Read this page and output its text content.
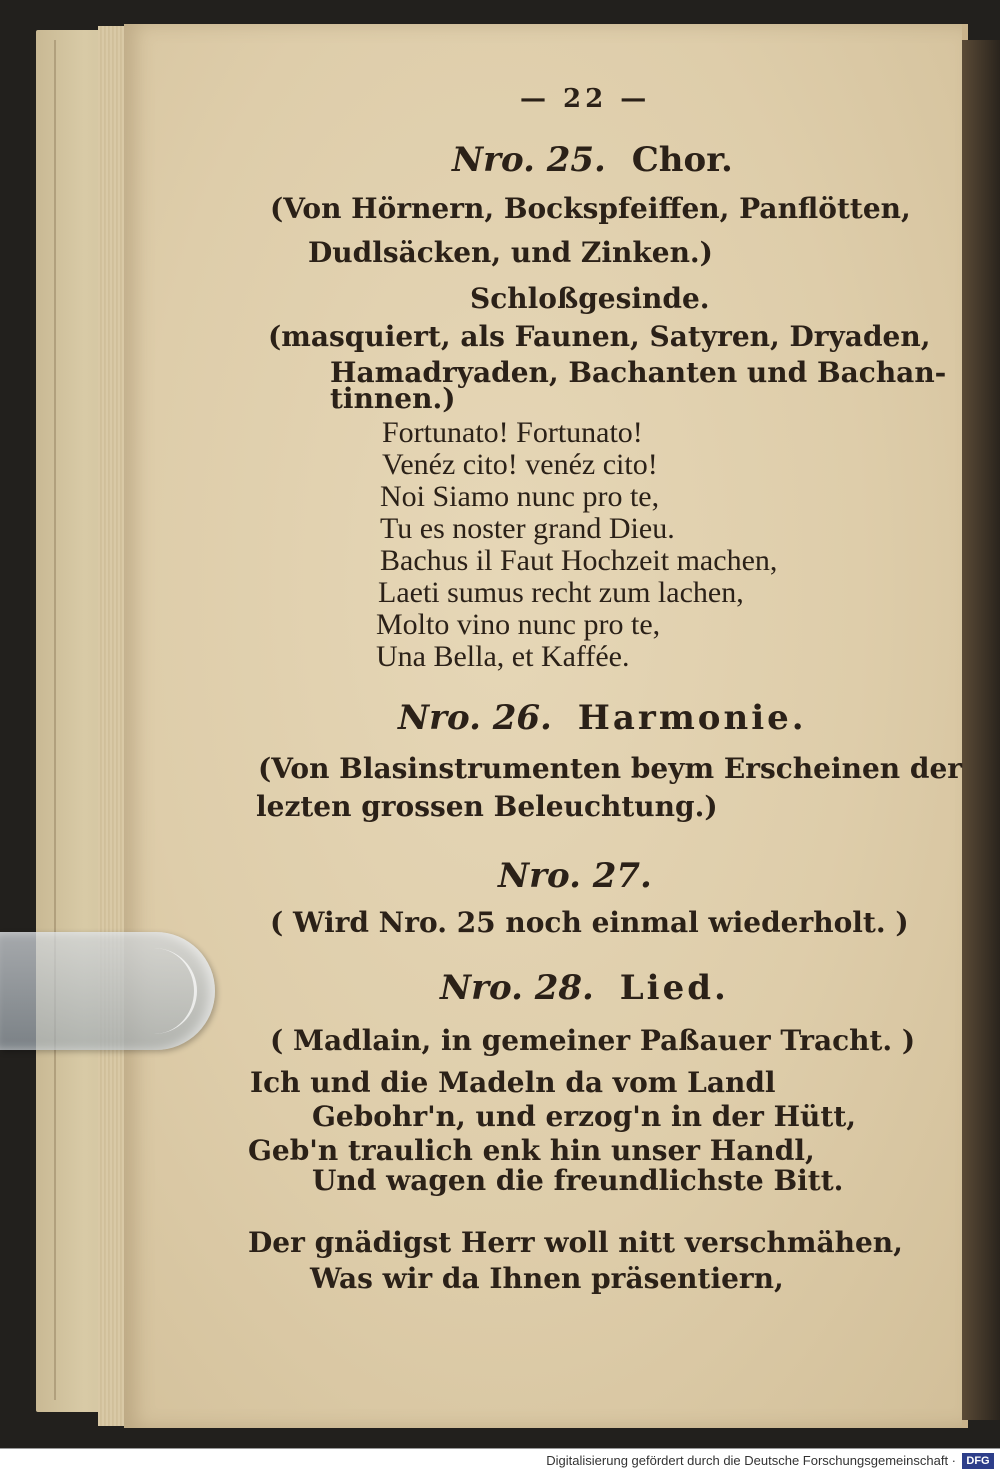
— 22 —
Nro. 25. Chor.
(Von Hörnern, Bockspfeiffen, Panflötten,
Dudlsäcken, und Zinken.)
Schloßgesinde.
(masquiert, als Faunen, Satyren, Dryaden,
Hamadryaden, Bachanten und Bachan-
tinnen.)
Fortunato! Fortunato!
Venéz cito! venéz cito!
Noi Siamo nunc pro te,
Tu es noster grand Dieu.
Bachus il Faut Hochzeit machen,
Laeti sumus recht zum lachen,
Molto vino nunc pro te,
Una Bella, et Kaffée.
Nro. 26. Harmonie.
(Von Blasinstrumenten beym Erscheinen der
lezten grossen Beleuchtung.)
Nro. 27.
( Wird Nro. 25 noch einmal wiederholt. )
Nro. 28. Lied.
( Madlain, in gemeiner Paßauer Tracht. )
Ich und die Madeln da vom Landl
Gebohr'n, und erzog'n in der Hütt,
Geb'n traulich enk hin unser Handl,
Und wagen die freundlichste Bitt.
Der gnädigst Herr woll nitt verschmähen,
Was wir da Ihnen präsentiern,
Digitalisierung gefördert durch die Deutsche Forschungsgemeinschaft · DFG
